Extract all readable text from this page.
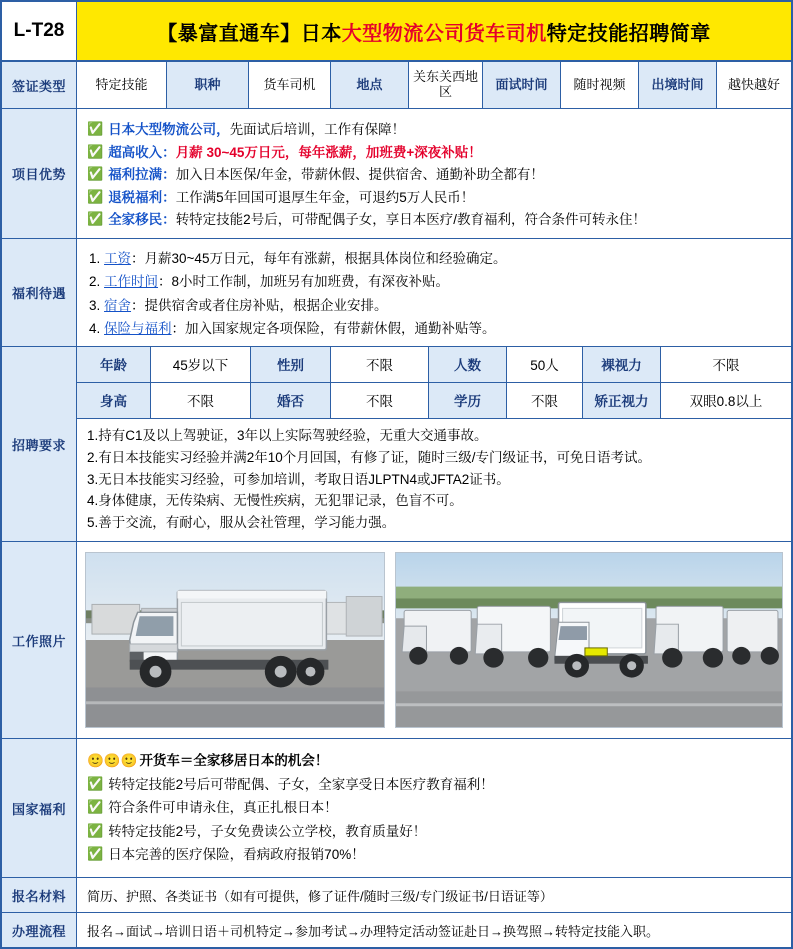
L-T28	【暴富直通车】日本 大型物流公司货车司机 特定技能招聘简章
签证类型	特定技能	职种	货车司机	地点	关东关西地区	面试时间	随时视频	出境时间	越快越好
项目优势
✅ 日本大型物流公司，先面试后培训，工作有保障！
✅ 超高收入：月薪 30~45万日元，每年涨薪，加班费+深夜补贴！
✅ 福利拉满：加入日本医保/年金，带薪休假、提供宿舍、通勤补助全都有！
✅ 退税福利：工作满5年回国可退厚生年金，可退约5万人民币！
✅ 全家移民：转特定技能2号后，可带配偶子女，享日本医疗/教育福利，符合条件可转永住！
福利待遇
1. 工资：月薪30~45万日元，每年有涨薪，根据具体岗位和经验确定。
2. 工作时间：8小时工作制，加班另有加班费，有深夜补贴。
3. 宿舍：提供宿舍或者住房补贴，根据企业安排。
4. 保险与福利：加入国家规定各项保险，有带薪休假，通勤补贴等。
招聘要求
年龄	45岁以下	性别	不限	人数	50人	裸视力	不限
身高	不限	婚否	不限	学历	不限	矫正视力	双眼0.8以上
1.持有C1及以上驾驶证，3年以上实际驾驶经验，无重大交通事故。
2.有日本技能实习经验并满2年10个月回国，有修了证，随时三级/专门级证书，可免日语考试。
3.无日本技能实习经验，可参加培训，考取日语JLPTN4或JFTA2证书。
4.身体健康，无传染病、无慢性疾病，无犯罪记录，色盲不可。
5.善于交流，有耐心，服从会社管理，学习能力强。
工作照片
国家福利
🙂🙂🙂 开货车＝全家移居日本的机会！
✅ 转特定技能2号后可带配偶、子女，全家享受日本医疗教育福利！
✅ 符合条件可申请永住，真正扎根日本！
✅ 转特定技能2号，子女免费读公立学校，教育质量好！
✅ 日本完善的医疗保险，看病政府报销70%！
报名材料	简历、护照、各类证书（如有可提供，修了证件/随时三级/专门级证书/日语证等）
办理流程	报名→面试→培训日语＋司机特定→参加考试→办理特定活动签证赴日→换驾照→转特定技能入职。
